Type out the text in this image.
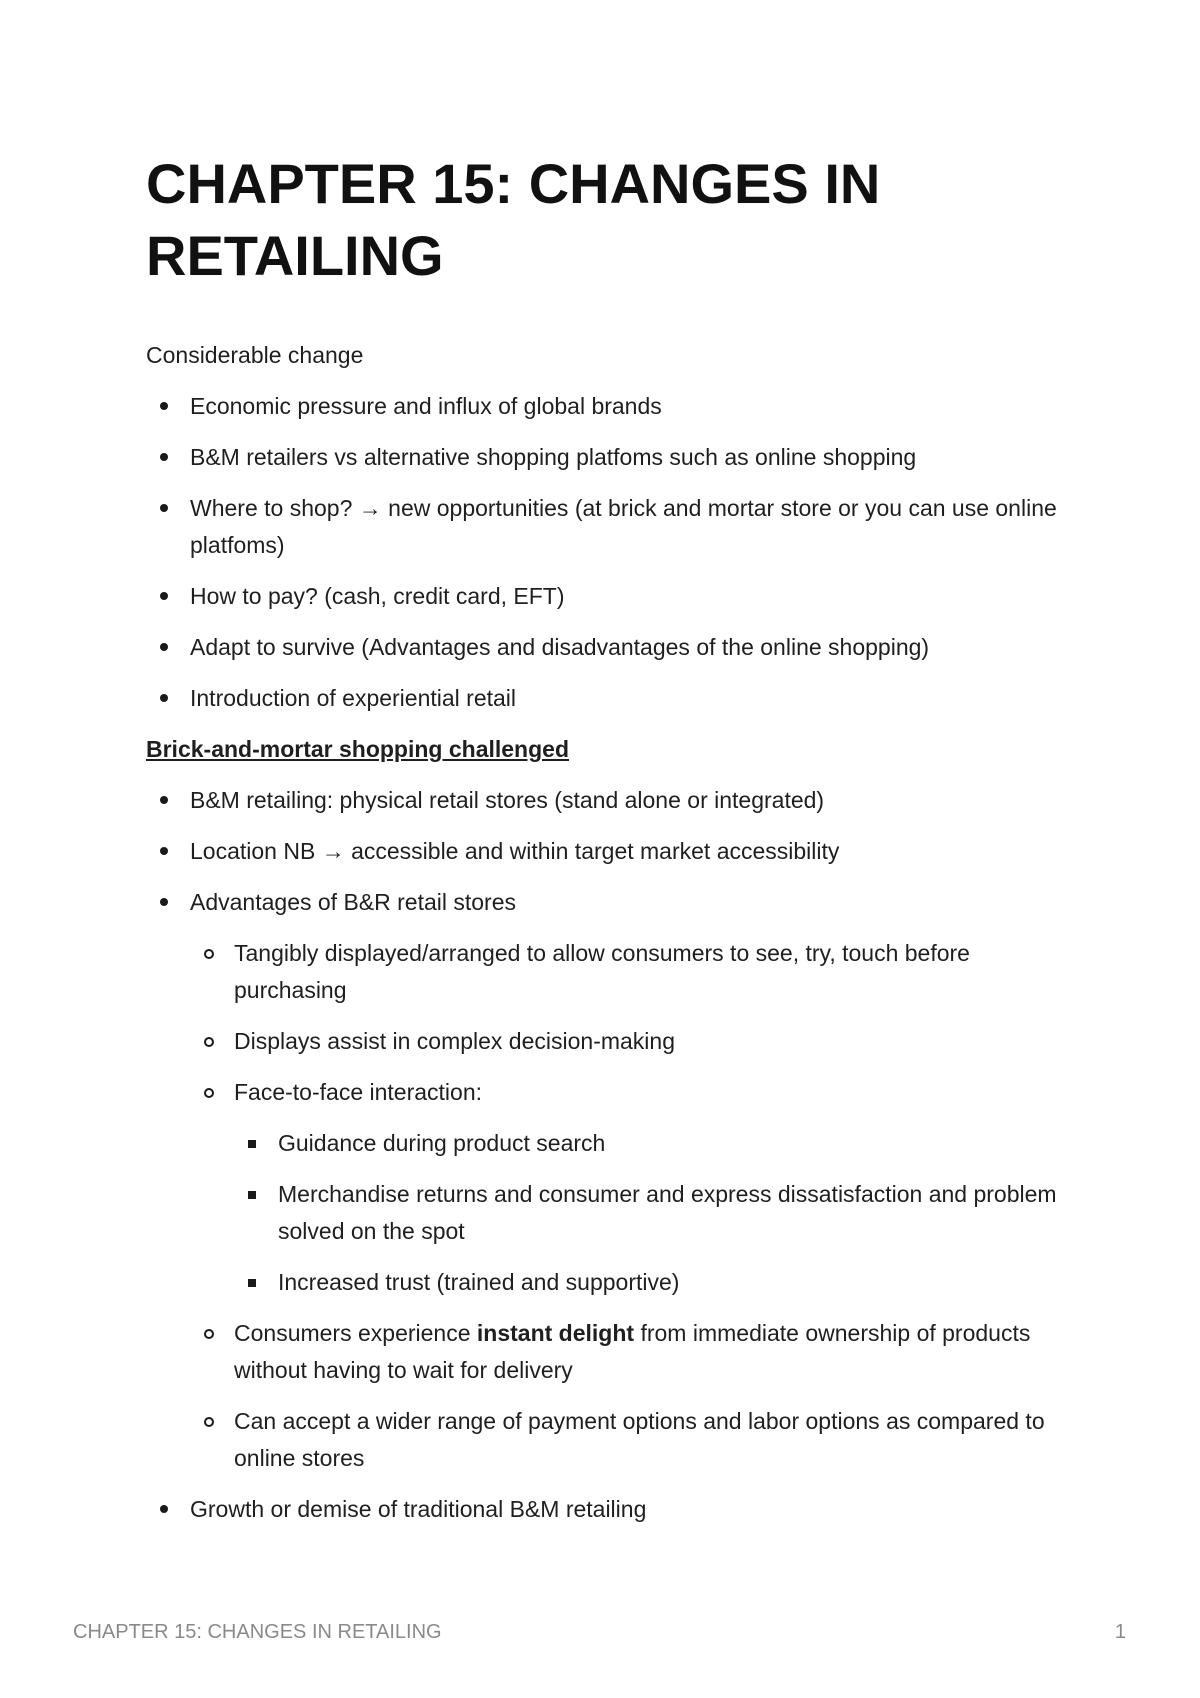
CHAPTER 15: CHANGES IN RETAILING

Considerable change

Economic pressure and influx of global brands
B&M retailers vs alternative shopping platfoms such as online shopping
Where to shop? → new opportunities (at brick and mortar store or you can use online platfoms)
How to pay? (cash, credit card, EFT)
Adapt to survive (Advantages and disadvantages of the online shopping)
Introduction of experiential retail

Brick-and-mortar shopping challenged

B&M retailing: physical retail stores (stand alone or integrated)
Location NB → accessible and within target market accessibility
Advantages of B&R retail stores
Tangibly displayed/arranged to allow consumers to see, try, touch before purchasing
Displays assist in complex decision-making
Face-to-face interaction:
Guidance during product search
Merchandise returns and consumer and express dissatisfaction and problem solved on the spot
Increased trust (trained and supportive)
Consumers experience instant delight from immediate ownership of products without having to wait for delivery
Can accept a wider range of payment options and labor options as compared to online stores
Growth or demise of traditional B&M retailing
CHAPTER 15: CHANGES IN RETAILING	1
